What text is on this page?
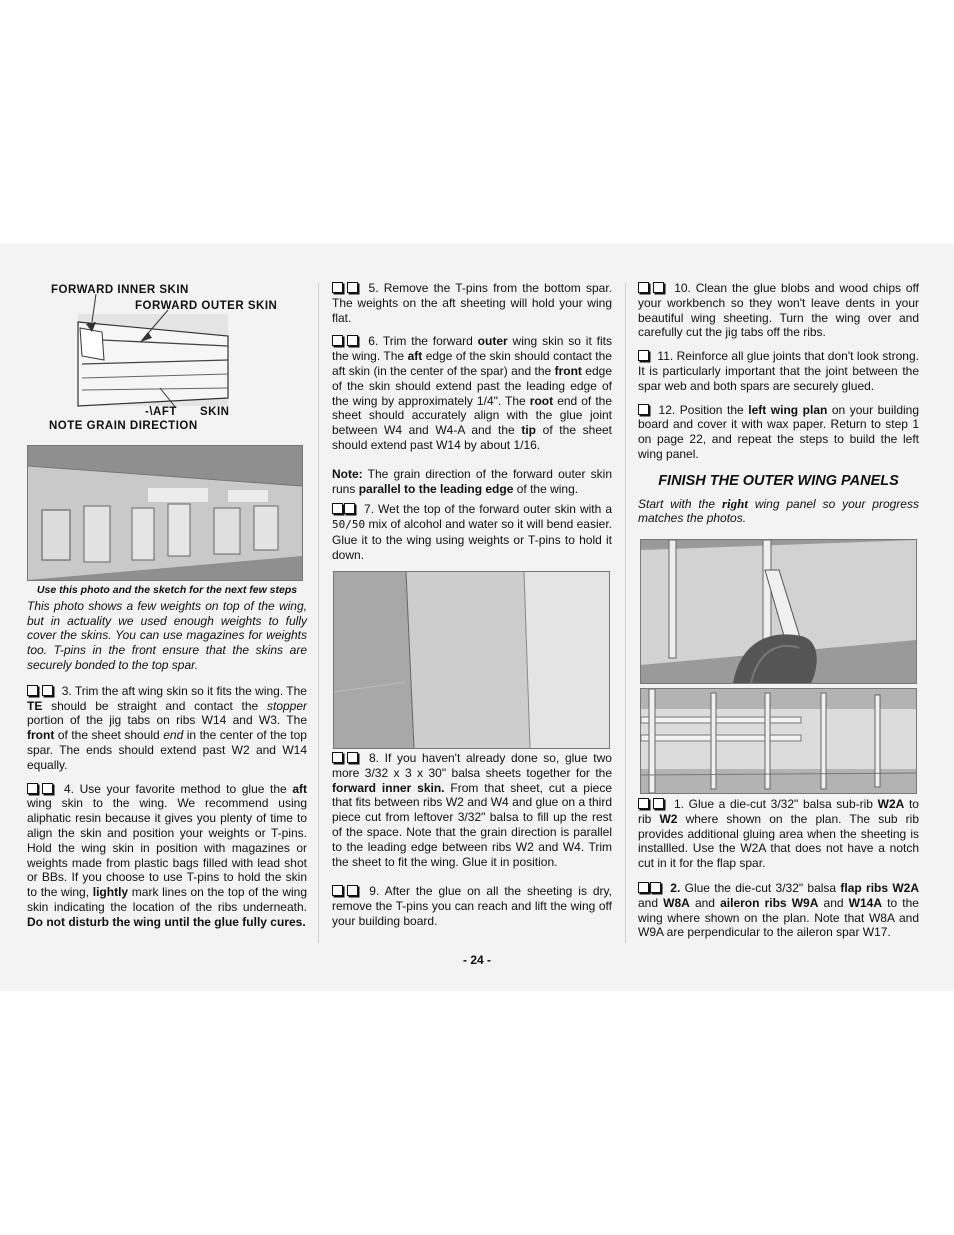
FORWARD INNER SKIN
FORWARD OUTER SKIN
-\AFT SKIN
NOTE GRAIN DIRECTION

Use this photo and the sketch for the next few steps

This photo shows a few weights on top of the wing, but in actuality we used enough weights to fully cover the skins. You can use magazines for weights too. T-pins in the front ensure that the skins are securely bonded to the top spar.

3. Trim the aft wing skin so it fits the wing. The TE should be straight and contact the stopper portion of the jig tabs on ribs W14 and W3. The front of the sheet should end in the center of the top spar. The ends should extend past W2 and W14 equally.

4. Use your favorite method to glue the aft wing skin to the wing. We recommend using aliphatic resin because it gives you plenty of time to align the skin and position your weights or T-pins. Hold the wing skin in position with magazines or weights made from plastic bags filled with lead shot or BBs. If you choose to use T-pins to hold the skin to the wing, lightly mark lines on the top of the wing skin indicating the location of the ribs underneath. Do not disturb the wing until the glue fully cures.

5. Remove the T-pins from the bottom spar. The weights on the aft sheeting will hold your wing flat.

6. Trim the forward outer wing skin so it fits the wing. The aft edge of the skin should contact the aft skin (in the center of the spar) and the front edge of the skin should extend past the leading edge of the wing by approximately 1/4". The root end of the sheet should accurately align with the glue joint between W4 and W4-A and the tip of the sheet should extend past W14 by about 1/16.

Note: The grain direction of the forward outer skin runs parallel to the leading edge of the wing.

7. Wet the top of the forward outer skin with a 50/50 mix of alcohol and water so it will bend easier. Glue it to the wing using weights or T-pins to hold it down.

8. If you haven't already done so, glue two more 3/32 x 3 x 30" balsa sheets together for the forward inner skin. From that sheet, cut a piece that fits between ribs W2 and W4 and glue on a third piece cut from leftover 3/32" balsa to fill up the rest of the space. Note that the grain direction is parallel to the leading edge between ribs W2 and W4. Trim the sheet to fit the wing. Glue it in position.

9. After the glue on all the sheeting is dry, remove the T-pins you can reach and lift the wing off your building board.

10. Clean the glue blobs and wood chips off your workbench so they won't leave dents in your beautiful wing sheeting. Turn the wing over and carefully cut the jig tabs off the ribs.

11. Reinforce all glue joints that don't look strong. It is particularly important that the joint between the spar web and both spars are securely glued.

12. Position the left wing plan on your building board and cover it with wax paper. Return to step 1 on page 22, and repeat the steps to build the left wing panel.

FINISH THE OUTER WING PANELS

Start with the right wing panel so your progress matches the photos.

1. Glue a die-cut 3/32" balsa sub-rib W2A to rib W2 where shown on the plan. The sub rib provides additional gluing area when the sheeting is installled. Use the W2A that does not have a notch cut in it for the flap spar.

2. Glue the die-cut 3/32" balsa flap ribs W2A and W8A and aileron ribs W9A and W14A to the wing where shown on the plan. Note that W8A and W9A are perpendicular to the aileron spar W17.

- 24 -
